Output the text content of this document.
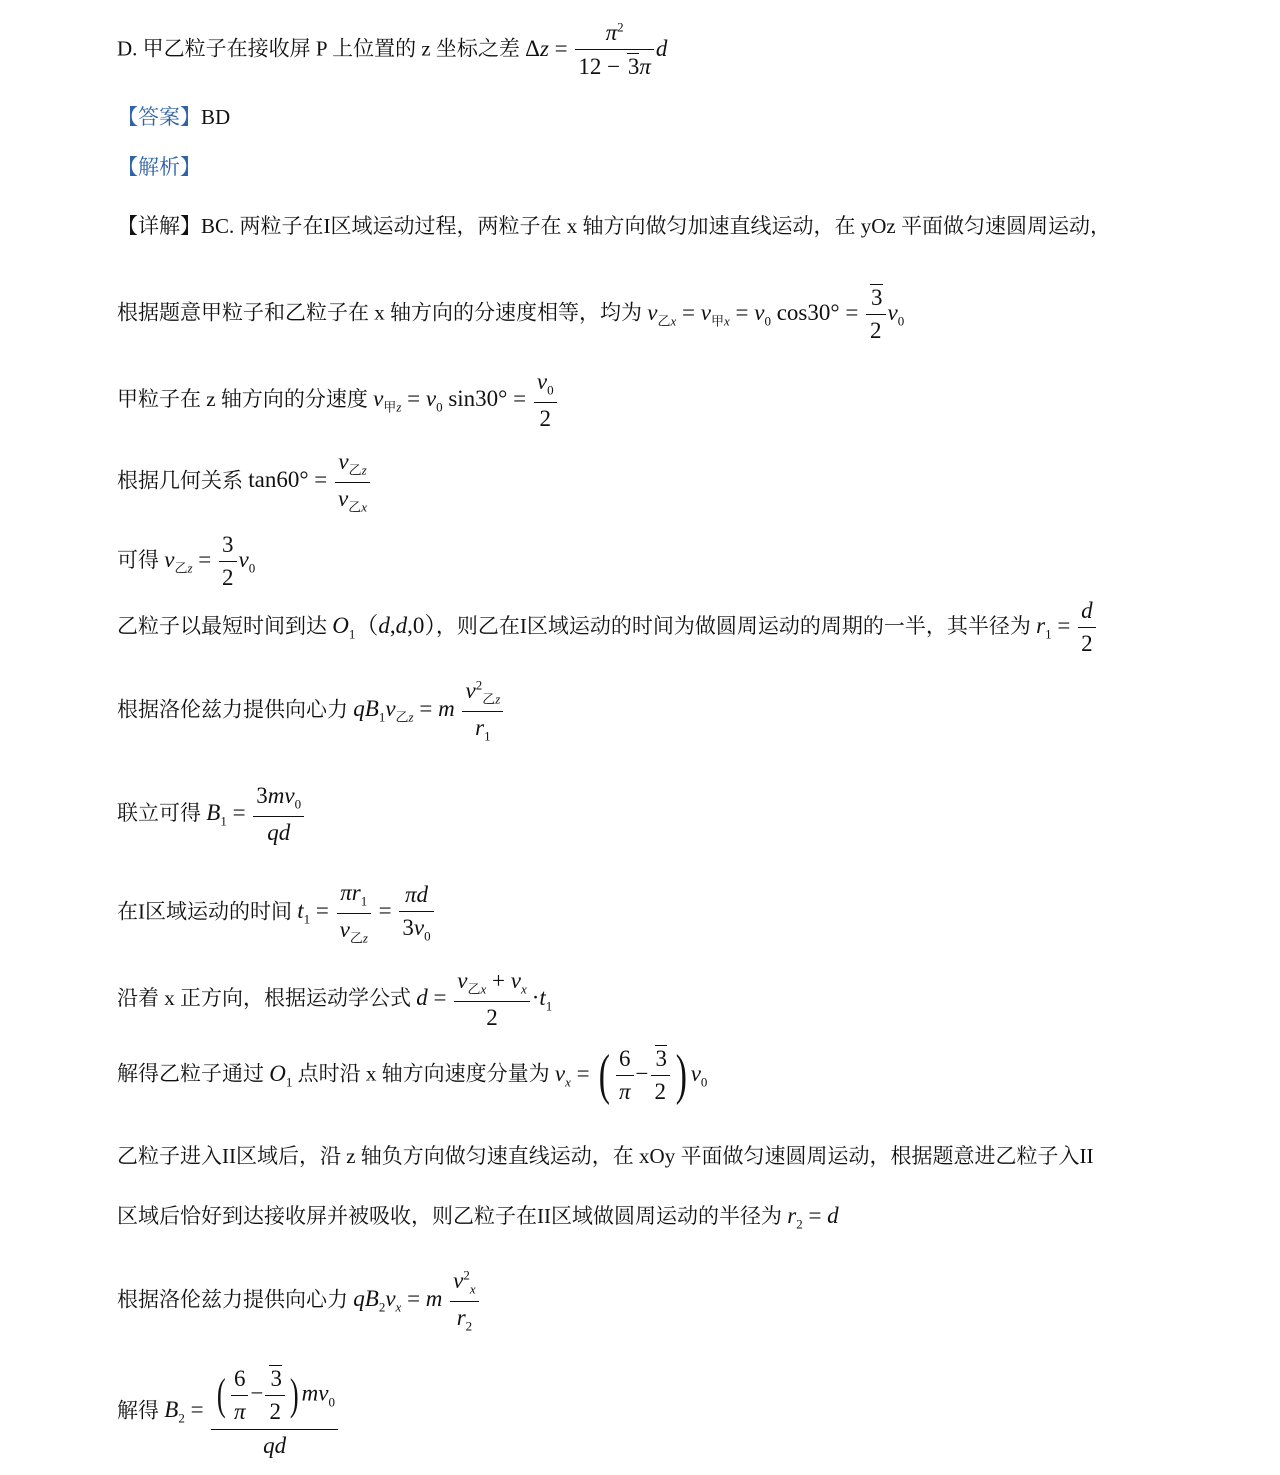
D. 甲乙粒子在接收屏 P 上位置的 z 坐标之差 $\Delta z = \frac{\pi^2}{12 - 3\pi}$ d
【答案】BD
【解析】
【详解】BC. 两粒子在I区域运动过程，两粒子在 x 轴方向做匀加速直线运动，在 yOz 平面做匀速圆周运动，
根据题意甲粒子和乙粒子在 x 轴方向的分速度相等，均为 $v_{乙x} = v_{甲x} = v_0$ $\cos 30^\circ = \frac{3}{2} v_0$
甲粒子在 z 轴方向的分速度 $v_{甲z} = v_0$ $\sin 30^\circ = \frac{v_0}{2}$
根据几何关系 $\tan 60^\circ = \frac{v_{乙z}}{v_{乙x}}$
可得 $v_{乙z} = \frac{3}{2} v_0$
乙粒子以最短时间到达 $O_1(d,d,0)$，则乙在I区域运动的时间为做圆周运动的周期的一半，其半径为 $r_1 = \frac{d}{2}$
根据洛伦兹力提供向心力 $qB_1v_{乙z} = m \frac{v^2_{乙z}}{r_1}$
联立可得 $B_1 = \frac{3mv_0}{qd}$
在I区域运动的时间 $t_1 = \frac{\pi r_1}{v_{乙z}} = \frac{\pi d}{3v_0}$
沿着 x 正方向，根据运动学公式 $d = \frac{v_{乙x} + v_x}{2} \cdot t_1$
解得乙粒子通过 $O_1$ 点时沿 x 轴方向速度分量为 $v_x$ = ( $\frac{6}{\pi} - \frac{3}{2}$ ) $v_0$
乙粒子进入II区域后，沿 z 轴负方向做匀速直线运动，在 xOy 平面做匀速圆周运动，根据题意进乙粒子入II
区域后恰好到达接收屏并被吸收，则乙粒子在II区域做圆周运动的半径为 $r_2 = d$
根据洛伦兹力提供向心力 $qB_2v_x = m \frac{v^2_x}{r_2}$
解得 $B_2 = \frac{( \frac{6}{\pi} - \frac{3}{2} ) mv_0}{qd}$
